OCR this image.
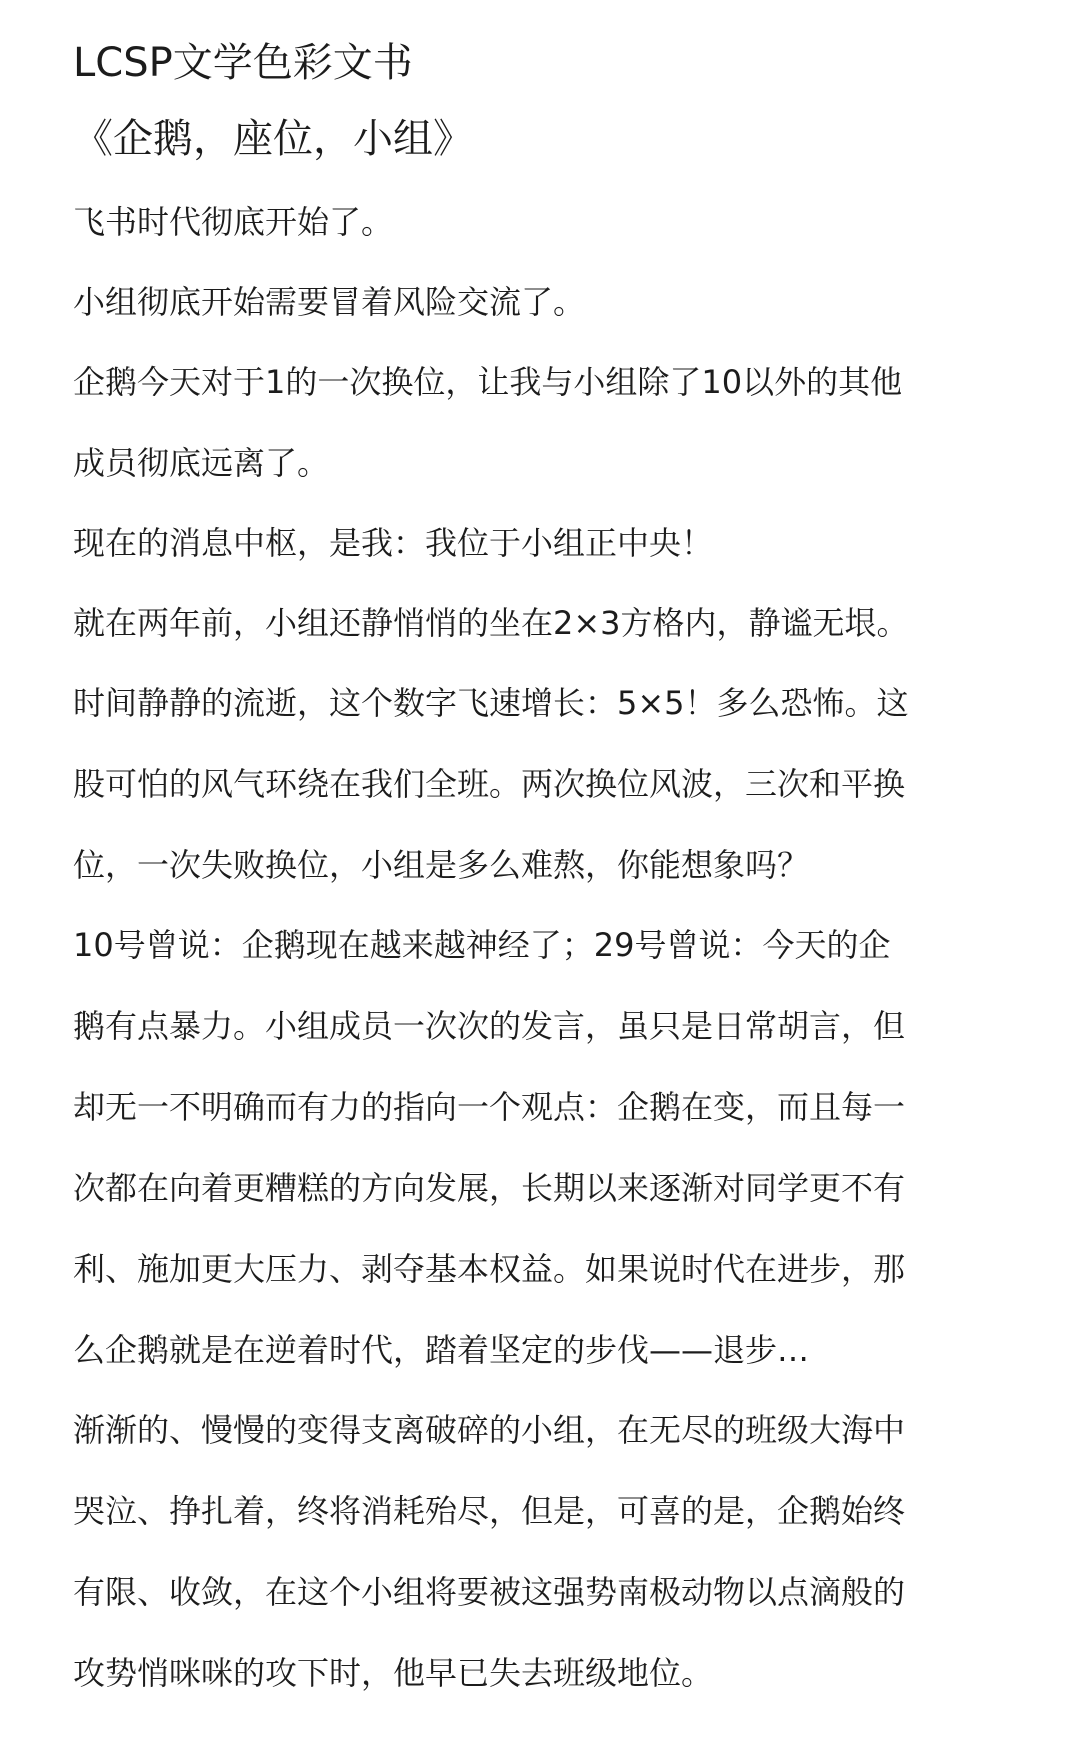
LCSP文学色彩文书
《企鹅，座位，小组》
飞书时代彻底开始了。
小组彻底开始需要冒着风险交流了。
企鹅今天对于1的一次换位，让我与小组除了10以外的其他
成员彻底远离了。
现在的消息中枢，是我：我位于小组正中央！
就在两年前，小组还静悄悄的坐在2×3方格内，静谧无垠。
时间静静的流逝，这个数字飞速增长：5×5！多么恐怖。这
股可怕的风气环绕在我们全班。两次换位风波，三次和平换
位，一次失败换位，小组是多么难熬，你能想象吗？
10号曾说：企鹅现在越来越神经了；29号曾说：今天的企
鹅有点暴力。小组成员一次次的发言，虽只是日常胡言，但
却无一不明确而有力的指向一个观点：企鹅在变，而且每一
次都在向着更糟糕的方向发展，长期以来逐渐对同学更不有
利、施加更大压力、剥夺基本权益。如果说时代在进步，那
么企鹅就是在逆着时代，踏着坚定的步伐——退步…
渐渐的、慢慢的变得支离破碎的小组，在无尽的班级大海中
哭泣、挣扎着，终将消耗殆尽，但是，可喜的是，企鹅始终
有限、收敛，在这个小组将要被这强势南极动物以点滴般的
攻势悄咪咪的攻下时，他早已失去班级地位。
